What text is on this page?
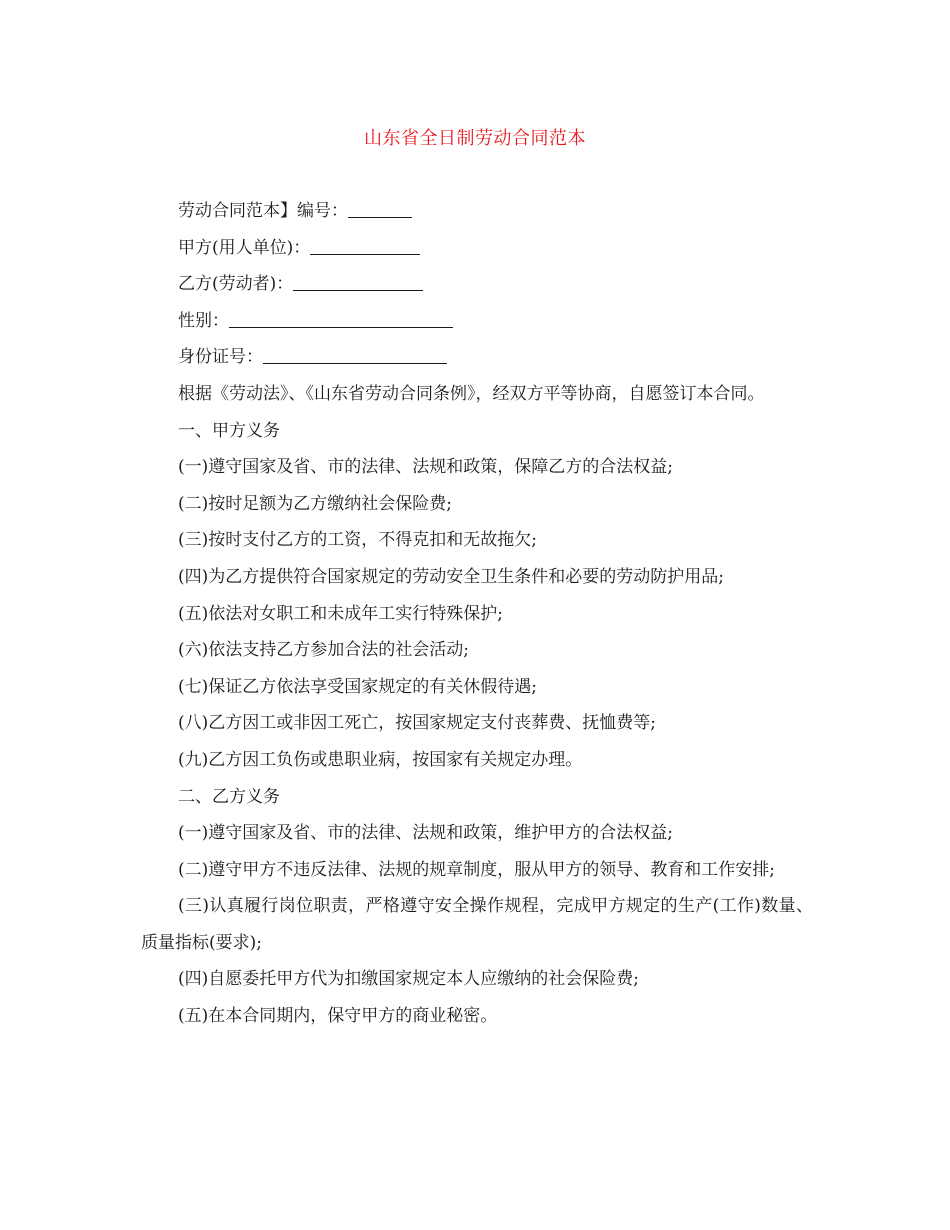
山东省全日制劳动合同范本

劳动合同范本】编号：

甲方(用人单位)：

乙方(劳动者)：

性别：

身份证号：

根据《劳动法》、《山东省劳动合同条例》，经双方平等协商，自愿签订本合同。

一、甲方义务

(一)遵守国家及省、市的法律、法规和政策，保障乙方的合法权益;

(二)按时足额为乙方缴纳社会保险费;

(三)按时支付乙方的工资，不得克扣和无故拖欠;

(四)为乙方提供符合国家规定的劳动安全卫生条件和必要的劳动防护用品;

(五)依法对女职工和未成年工实行特殊保护;

(六)依法支持乙方参加合法的社会活动;

(七)保证乙方依法享受国家规定的有关休假待遇;

(八)乙方因工或非因工死亡，按国家规定支付丧葬费、抚恤费等;

(九)乙方因工负伤或患职业病，按国家有关规定办理。

二、乙方义务

(一)遵守国家及省、市的法律、法规和政策，维护甲方的合法权益;

(二)遵守甲方不违反法律、法规的规章制度，服从甲方的领导、教育和工作安排;

(三)认真履行岗位职责，严格遵守安全操作规程，完成甲方规定的生产(工作)数量、质量指标(要求);

(四)自愿委托甲方代为扣缴国家规定本人应缴纳的社会保险费;

(五)在本合同期内，保守甲方的商业秘密。
